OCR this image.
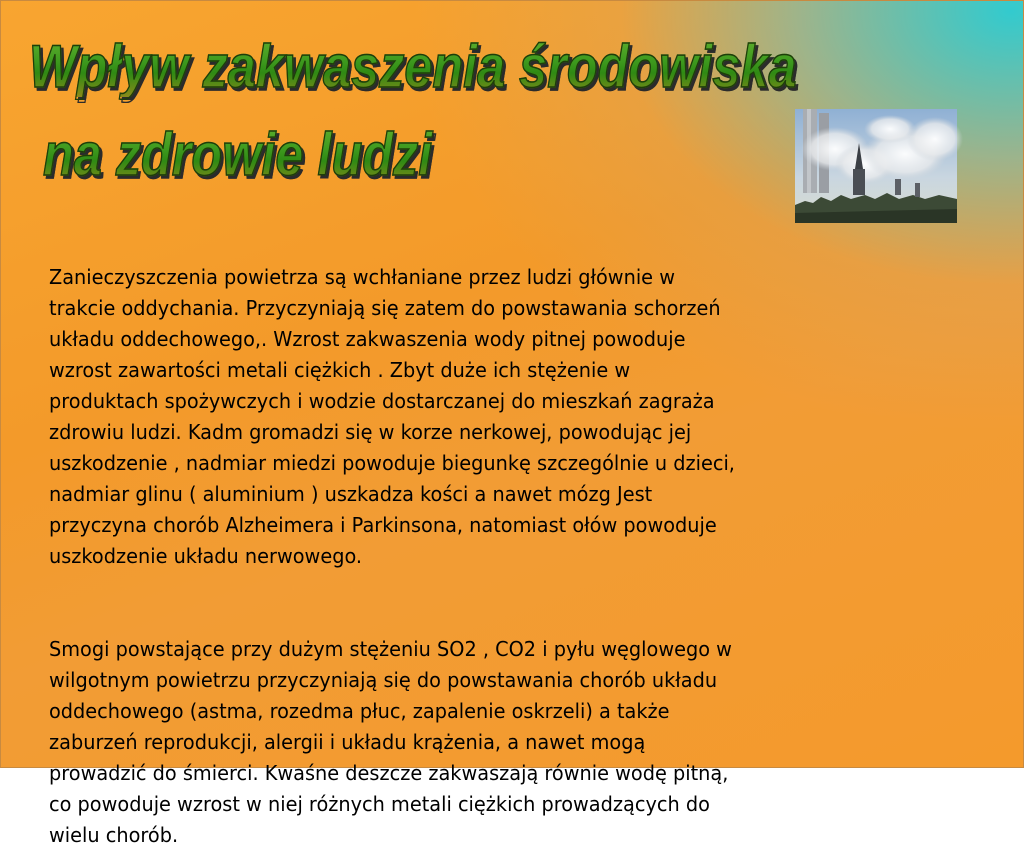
Wpływ zakwaszenia środowiska
na zdrowie ludzi

Zanieczyszczenia powietrza są wchłaniane przez ludzi głównie w
trakcie oddychania. Przyczyniają się zatem do powstawania schorzeń
układu oddechowego,. Wzrost zakwaszenia wody pitnej powoduje
wzrost zawartości metali ciężkich . Zbyt duże ich stężenie w
produktach spożywczych i wodzie dostarczanej do mieszkań zagraża
zdrowiu ludzi. Kadm gromadzi się w korze nerkowej, powodując jej
uszkodzenie , nadmiar miedzi powoduje biegunkę szczególnie u dzieci,
nadmiar glinu ( aluminium ) uszkadza kości a nawet mózg Jest
przyczyna chorób Alzheimera i Parkinsona, natomiast ołów powoduje
uszkodzenie układu nerwowego.

Smogi powstające przy dużym stężeniu SO2 , CO2 i pyłu węglowego w
wilgotnym powietrzu przyczyniają się do powstawania chorób układu
oddechowego (astma, rozedma płuc, zapalenie oskrzeli) a także
zaburzeń reprodukcji, alergii i układu krążenia, a nawet mogą
prowadzić do śmierci. Kwaśne deszcze zakwaszają równie wodę pitną,
co powoduje wzrost w niej różnych metali ciężkich prowadzących do
wielu chorób.
